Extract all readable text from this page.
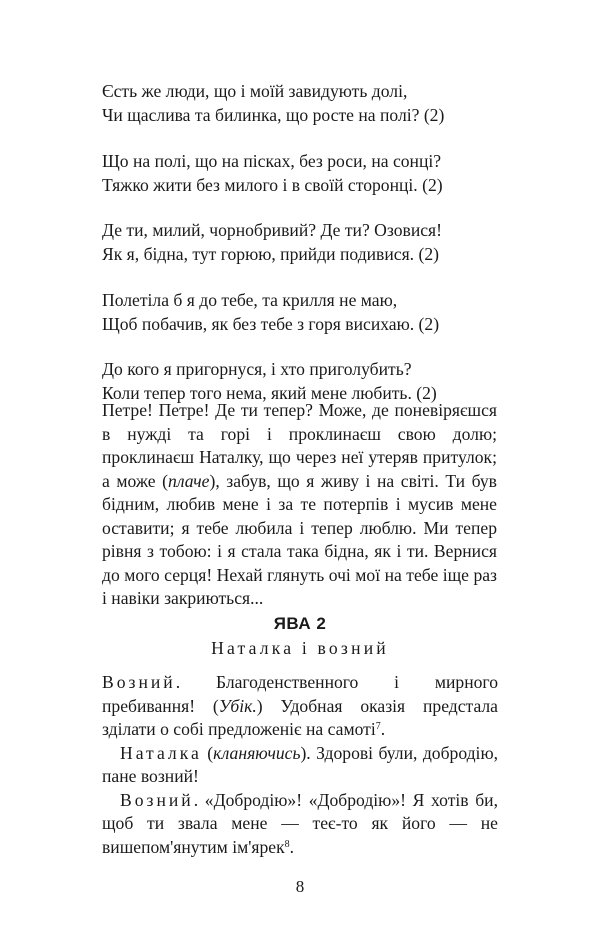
Єсть же люди, що і моїй завидують долі,
Чи щаслива та билинка, що росте на полі? (2)
Що на полі, що на пісках, без роси, на сонці?
Тяжко жити без милого і в своїй сторонці. (2)
Де ти, милий, чорнобривий? Де ти? Озовися!
Як я, бідна, тут горюю, прийди подивися. (2)
Полетіла б я до тебе, та крилля не маю,
Щоб побачив, як без тебе з горя висихаю. (2)
До кого я пригорнуся, і хто приголубить?
Коли тепер того нема, який мене любить. (2)
Петре! Петре! Де ти тепер? Може, де поневіряєшся в нужді та горі і проклинаєш свою долю; проклинаєш Наталку, що через неї утеряв притулок; а може (плаче), забув, що я живу і на світі. Ти був бідним, любив мене і за те потерпів і мусив мене оставити; я тебе любила і тепер люблю. Ми тепер рівня з тобою: і я стала така бідна, як і ти. Вернися до мого серця! Нехай глянуть очі мої на тебе іще раз і навіки закриються...
ЯВА 2
Наталка і возний

Возний. Благоденственного і мирного пребивання! (Убік.) Удобная оказія предстала зділати о собі предложеніє на самоті$^7$.

Наталка (кланяючись). Здорові були, добродію, пане возний!

Возний. «Добродію»! «Добродію»! Я хотів би, щоб ти звала мене — теє-то як його — не вишепом'янутим ім'ярек$^8$.

8
